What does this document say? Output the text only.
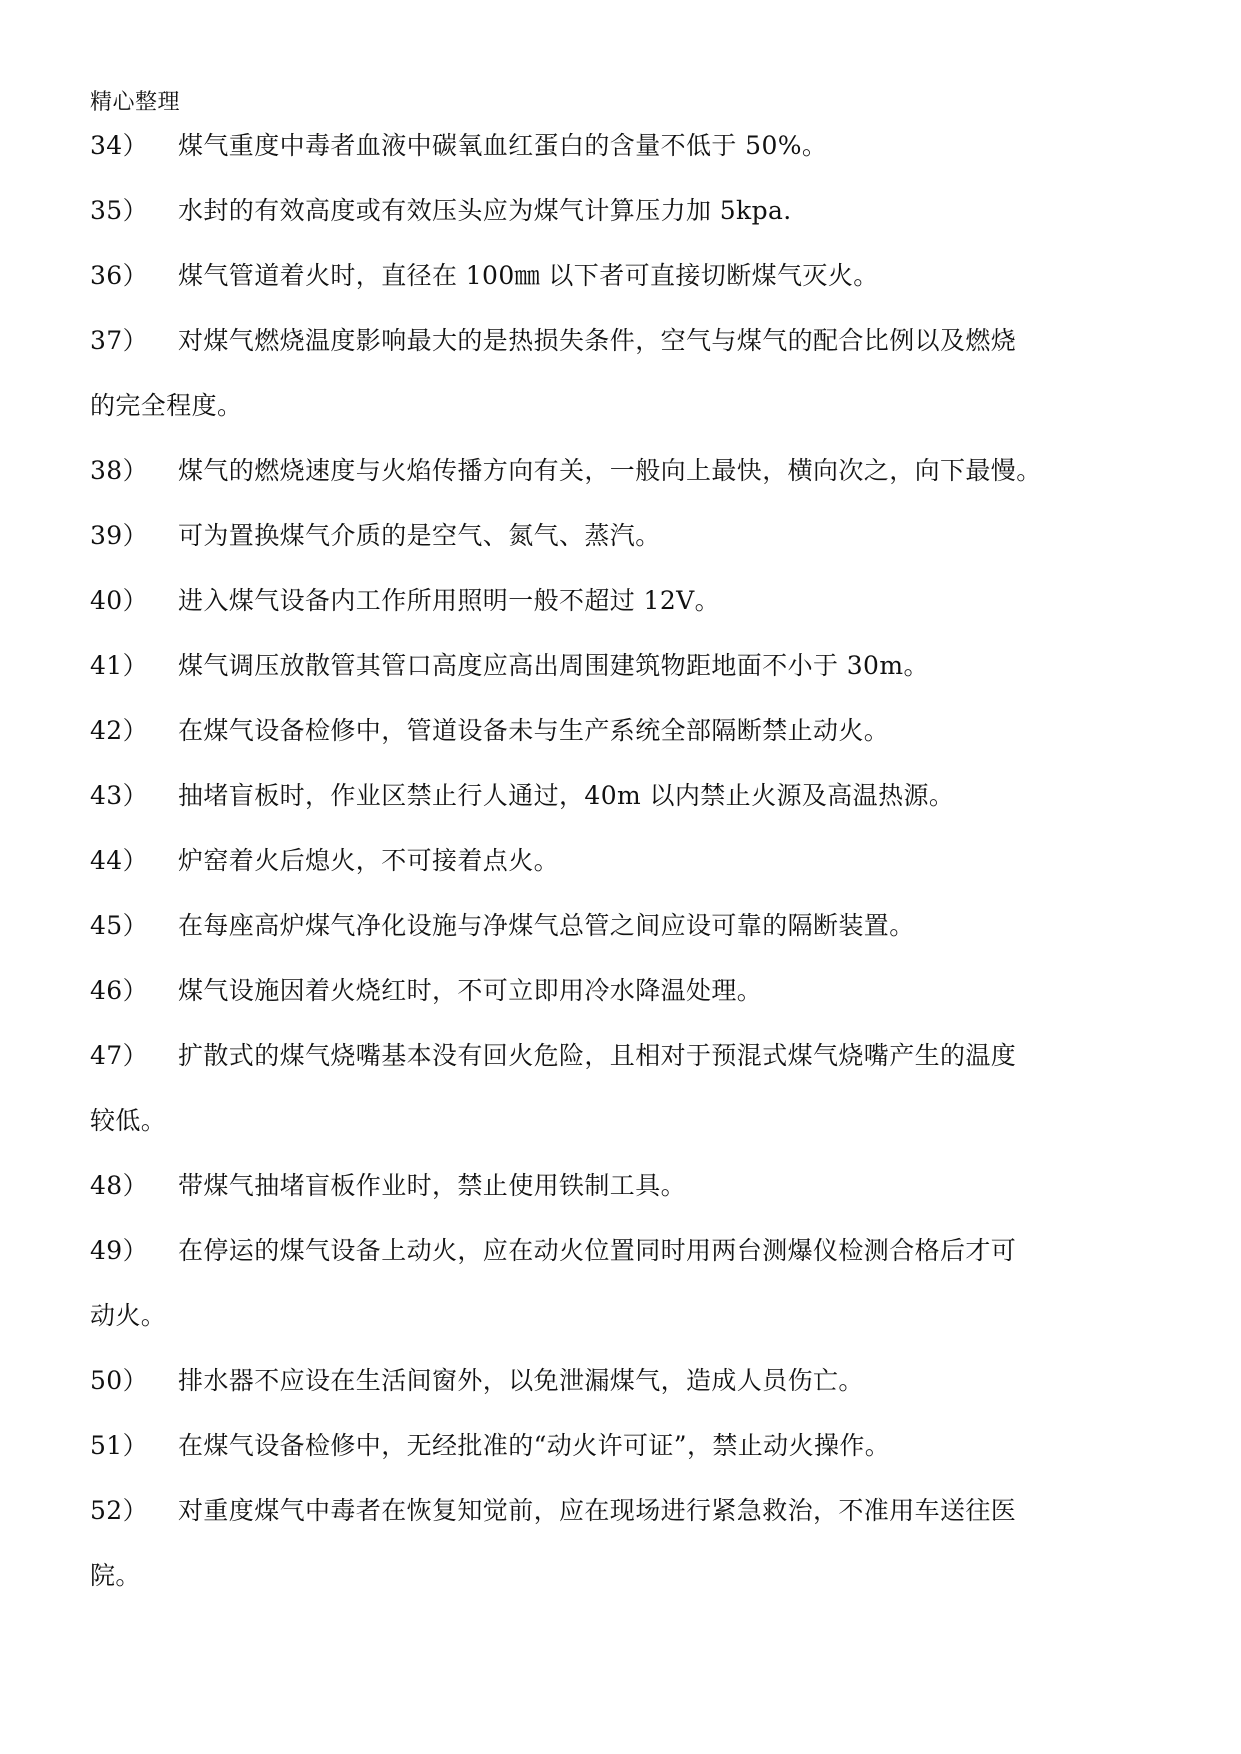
精心整理
34） 煤气重度中毒者血液中碳氧血红蛋白的含量不低于 50%。
35） 水封的有效高度或有效压头应为煤气计算压力加 5kpa.
36） 煤气管道着火时，直径在 100㎜ 以下者可直接切断煤气灭火。
37） 对煤气燃烧温度影响最大的是热损失条件，空气与煤气的配合比例以及燃烧
的完全程度。
38） 煤气的燃烧速度与火焰传播方向有关，一般向上最快，横向次之，向下最慢。
39） 可为置换煤气介质的是空气、氮气、蒸汽。
40） 进入煤气设备内工作所用照明一般不超过 12V。
41） 煤气调压放散管其管口高度应高出周围建筑物距地面不小于 30m。
42） 在煤气设备检修中，管道设备未与生产系统全部隔断禁止动火。
43） 抽堵盲板时，作业区禁止行人通过，40m 以内禁止火源及高温热源。
44） 炉窑着火后熄火，不可接着点火。
45） 在每座高炉煤气净化设施与净煤气总管之间应设可靠的隔断装置。
46） 煤气设施因着火烧红时，不可立即用冷水降温处理。
47） 扩散式的煤气烧嘴基本没有回火危险，且相对于预混式煤气烧嘴产生的温度
较低。
48） 带煤气抽堵盲板作业时，禁止使用铁制工具。
49） 在停运的煤气设备上动火，应在动火位置同时用两台测爆仪检测合格后才可
动火。
50） 排水器不应设在生活间窗外，以免泄漏煤气，造成人员伤亡。
51） 在煤气设备检修中，无经批准的“动火许可证”，禁止动火操作。
52） 对重度煤气中毒者在恢复知觉前，应在现场进行紧急救治，不准用车送往医
院。
